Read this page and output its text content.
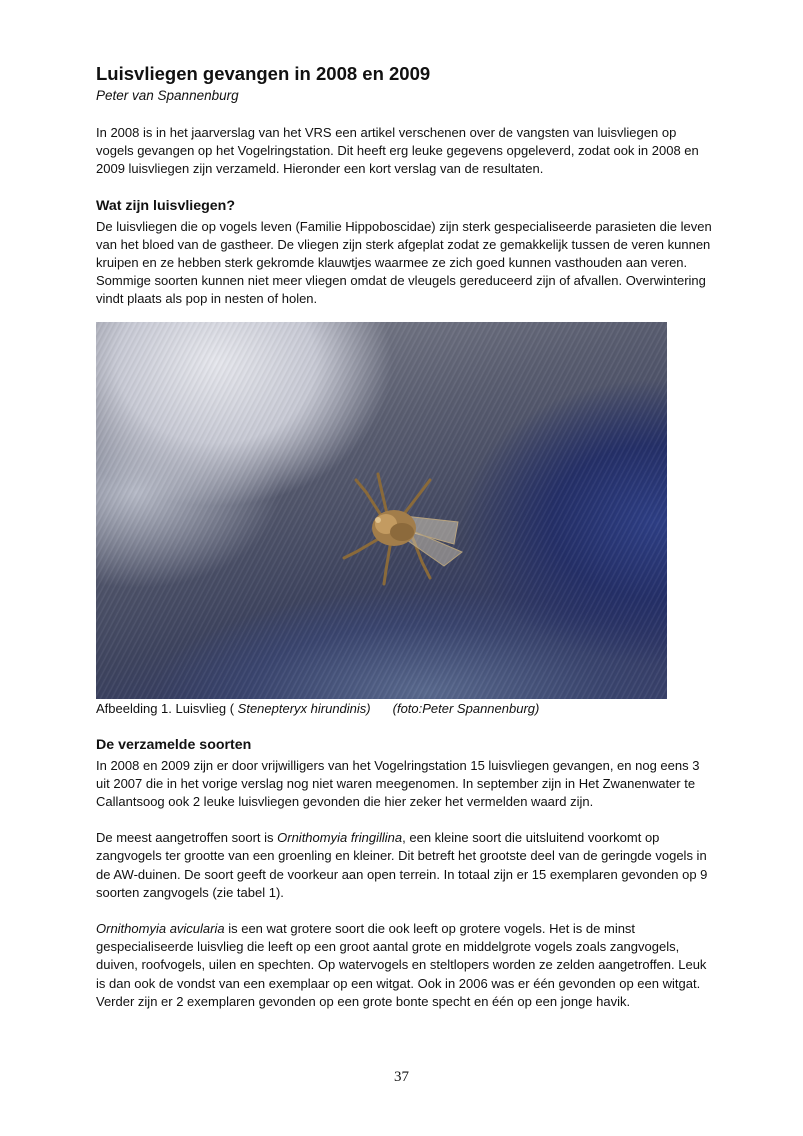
Luisvliegen gevangen in 2008 en 2009
Peter van Spannenburg

In 2008 is in het jaarverslag van het VRS een artikel verschenen over de vangsten van luisvliegen op vogels gevangen op het Vogelringstation. Dit heeft erg leuke gegevens opgeleverd, zodat ook in 2008 en 2009 luisvliegen zijn verzameld. Hieronder een kort verslag van de resultaten.

Wat zijn luisvliegen?

De luisvliegen die op vogels leven (Familie Hippoboscidae) zijn sterk gespecialiseerde parasieten die leven van het bloed van de gastheer. De vliegen zijn sterk afgeplat zodat ze gemakkelijk tussen de veren kunnen kruipen en ze hebben sterk gekromde klauwtjes waarmee ze zich goed kunnen vasthouden aan veren. Sommige soorten kunnen niet meer vliegen omdat de vleugels gereduceerd zijn of afvallen. Overwintering vindt plaats als pop in nesten of holen.

Afbeelding 1. Luisvlieg ( Stenepteryx hirundinis) (foto:Peter Spannenburg)
De verzamelde soorten

In 2008 en 2009 zijn er door vrijwilligers van het Vogelringstation 15 luisvliegen gevangen, en nog eens 3 uit 2007 die in het vorige verslag nog niet waren meegenomen. In september zijn in Het Zwanenwater te Callantsoog ook 2 leuke luisvliegen gevonden die hier zeker het vermelden waard zijn.

De meest aangetroffen soort is Ornithomyia fringillina, een kleine soort die uitsluitend voorkomt op zangvogels ter grootte van een groenling en kleiner. Dit betreft het grootste deel van de geringde vogels in de AW-duinen. De soort geeft de voorkeur aan open terrein. In totaal zijn er 15 exemplaren gevonden op 9 soorten zangvogels (zie tabel 1).

Ornithomyia avicularia is een wat grotere soort die ook leeft op grotere vogels. Het is de minst gespecialiseerde luisvlieg die leeft op een groot aantal grote en middelgrote vogels zoals zangvogels, duiven, roofvogels, uilen en spechten. Op watervogels en steltlopers worden ze zelden aangetroffen. Leuk is dan ook de vondst van een exemplaar op een witgat. Ook in 2006 was er één gevonden op een witgat. Verder zijn er 2 exemplaren gevonden op een grote bonte specht en één op een jonge havik.

37
